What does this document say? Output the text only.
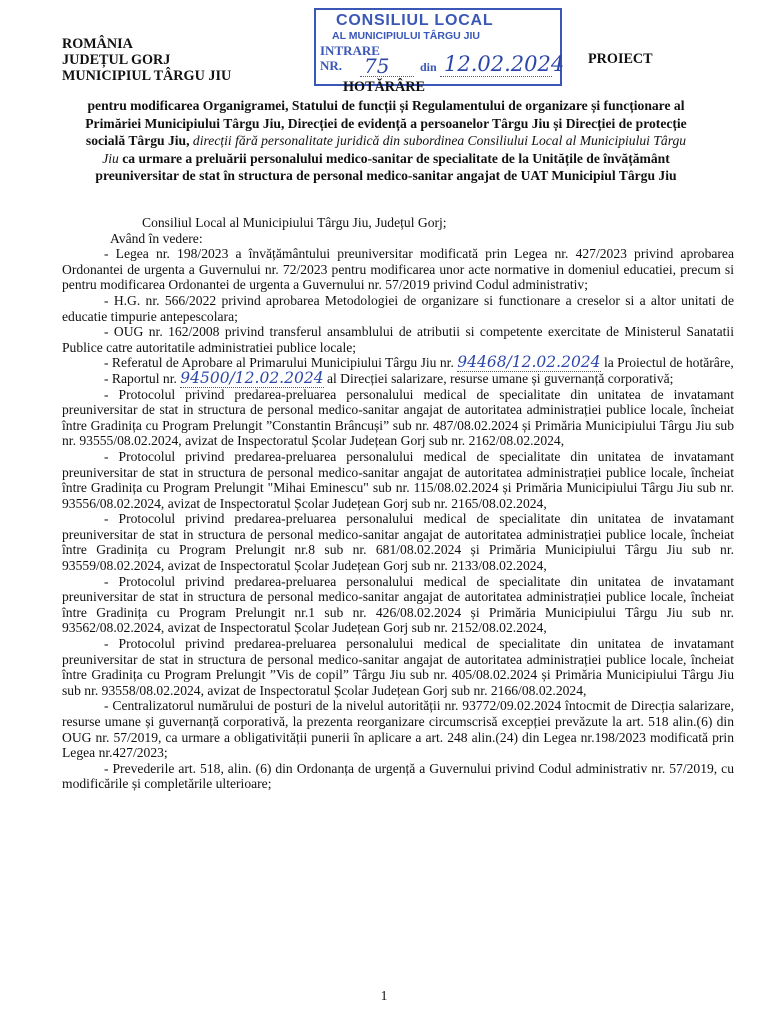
ROMÂNIA
JUDEȚUL GORJ
MUNICIPIUL TÂRGU JIU
PROIECT
CONSILIUL LOCAL
AL MUNICIPIULUI TÂRGU JIU
INTRARE
NR. 75	din 12.02.2024
HOTĂRÂRE
pentru modificarea Organigramei, Statului de funcții și Regulamentului de organizare și funcționare al Primăriei Municipiului Târgu Jiu, Direcției de evidență a persoanelor Târgu Jiu și Direcției de protecție socială Târgu Jiu, direcții fără personalitate juridică din subordinea Consiliului Local al Municipiului Târgu Jiu ca urmare a preluării personalului medico-sanitar de specialitate de la Unitățile de învățământ preuniversitar de stat în structura de personal medico-sanitar angajat de UAT Municipiul Târgu Jiu

Consiliul Local al Municipiului Târgu Jiu, Județul Gorj;

Având în vedere:

- Legea nr. 198/2023 a învățământului preuniversitar modificată prin Legea nr. 427/2023 privind aprobarea Ordonantei de urgenta a Guvernului nr. 72/2023 pentru modificarea unor acte normative in domeniul educatiei, precum si pentru modificarea Ordonantei de urgenta a Guvernului nr. 57/2019 privind Codul administrativ;

- H.G. nr. 566/2022 privind aprobarea Metodologiei de organizare si functionare a creselor si a altor unitati de educatie timpurie antepescolara;

- OUG nr. 162/2008 privind transferul ansamblului de atributii si competente exercitate de Ministerul Sanatatii Publice catre autoritatile administratiei publice locale;

- Referatul de Aprobare al Primarului Municipiului Târgu Jiu nr. 94468/12.02.2024 la Proiectul de hotărâre,

- Raportul nr. 94500/12.02.2024 al Direcției salarizare, resurse umane și guvernanță corporativă;

- Protocolul privind predarea-preluarea personalului medical de specialitate din unitatea de invatamant preuniversitar de stat in structura de personal medico-sanitar angajat de autoritatea administrației publice locale, încheiat între Gradinița cu Program Prelungit ”Constantin Brâncuși” sub nr. 487/08.02.2024 și Primăria Municipiului Târgu Jiu sub nr. 93555/08.02.2024, avizat de Inspectoratul Școlar Județean Gorj sub nr. 2162/08.02.2024,

- Protocolul privind predarea-preluarea personalului medical de specialitate din unitatea de invatamant preuniversitar de stat in structura de personal medico-sanitar angajat de autoritatea administrației publice locale, încheiat între Gradinița cu Program Prelungit "Mihai Eminescu" sub nr. 115/08.02.2024 și Primăria Municipiului Târgu Jiu sub nr. 93556/08.02.2024, avizat de Inspectoratul Școlar Județean Gorj sub nr. 2165/08.02.2024,

- Protocolul privind predarea-preluarea personalului medical de specialitate din unitatea de invatamant preuniversitar de stat in structura de personal medico-sanitar angajat de autoritatea administrației publice locale, încheiat între Gradinița cu Program Prelungit nr.8 sub nr. 681/08.02.2024 și Primăria Municipiului Târgu Jiu sub nr. 93559/08.02.2024, avizat de Inspectoratul Școlar Județean Gorj sub nr. 2133/08.02.2024,

- Protocolul privind predarea-preluarea personalului medical de specialitate din unitatea de invatamant preuniversitar de stat in structura de personal medico-sanitar angajat de autoritatea administrației publice locale, încheiat între Gradinița cu Program Prelungit nr.1 sub nr. 426/08.02.2024 și Primăria Municipiului Târgu Jiu sub nr. 93562/08.02.2024, avizat de Inspectoratul Școlar Județean Gorj sub nr. 2152/08.02.2024,

- Protocolul privind predarea-preluarea personalului medical de specialitate din unitatea de invatamant preuniversitar de stat in structura de personal medico-sanitar angajat de autoritatea administrației publice locale, încheiat între Gradinița cu Program Prelungit ”Vis de copil” Târgu Jiu sub nr. 405/08.02.2024 și Primăria Municipiului Târgu Jiu sub nr. 93558/08.02.2024, avizat de Inspectoratul Școlar Județean Gorj sub nr. 2166/08.02.2024,

- Centralizatorul numărului de posturi de la nivelul autorității nr. 93772/09.02.2024 întocmit de Direcția salarizare, resurse umane și guvernanță corporativă, la prezenta reorganizare circumscrisă excepției prevăzute la art. 518 alin.(6) din OUG nr. 57/2019, ca urmare a obligativității punerii în aplicare a art. 248 alin.(24) din Legea nr.198/2023 modificată prin Legea nr.427/2023;

- Prevederile art. 518, alin. (6) din Ordonanța de urgență a Guvernului privind Codul administrativ nr. 57/2019, cu modificările și completările ulterioare;

1
